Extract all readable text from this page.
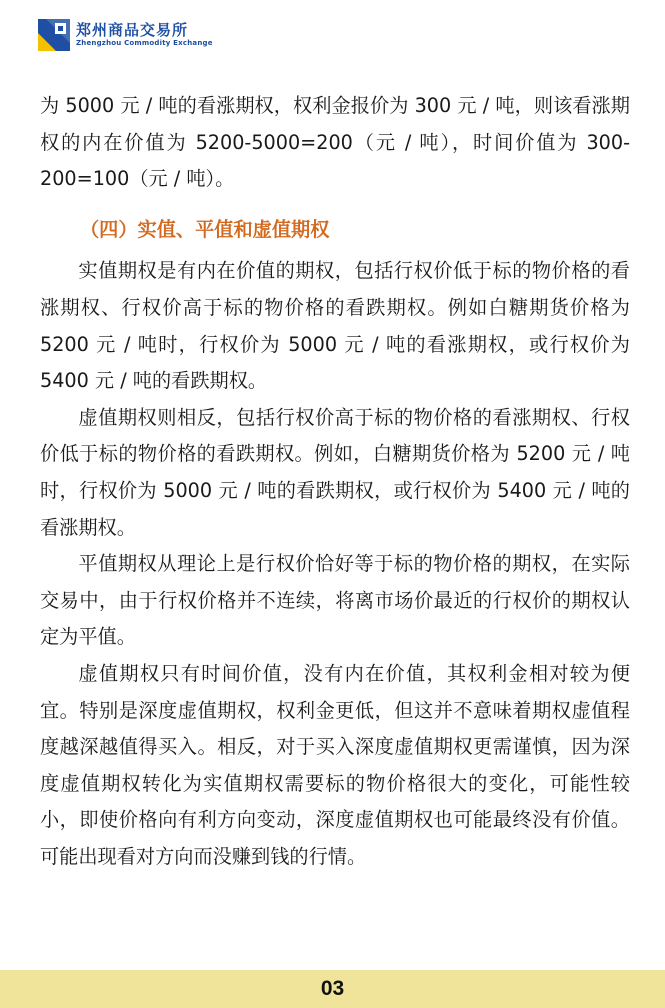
郑州商品交易所
Zhengzhou Commodity Exchange

为 5000 元 / 吨的看涨期权，权利金报价为 300 元 / 吨，则该看涨期权的内在价值为 5200-5000=200（元 / 吨），时间价值为 300-200=100（元 / 吨）。

（四）实值、平值和虚值期权

实值期权是有内在价值的期权，包括行权价低于标的物价格的看涨期权、行权价高于标的物价格的看跌期权。例如白糖期货价格为 5200 元 / 吨时，行权价为 5000 元 / 吨的看涨期权，或行权价为 5400 元 / 吨的看跌期权。

虚值期权则相反，包括行权价高于标的物价格的看涨期权、行权价低于标的物价格的看跌期权。例如，白糖期货价格为 5200 元 / 吨时，行权价为 5000 元 / 吨的看跌期权，或行权价为 5400 元 / 吨的看涨期权。

平值期权从理论上是行权价恰好等于标的物价格的期权，在实际交易中，由于行权价格并不连续，将离市场价最近的行权价的期权认定为平值。

虚值期权只有时间价值，没有内在价值，其权利金相对较为便宜。特别是深度虚值期权，权利金更低，但这并不意味着期权虚值程度越深越值得买入。相反，对于买入深度虚值期权更需谨慎，因为深度虚值期权转化为实值期权需要标的物价格很大的变化，可能性较小，即使价格向有利方向变动，深度虚值期权也可能最终没有价值。可能出现看对方向而没赚到钱的行情。

03
